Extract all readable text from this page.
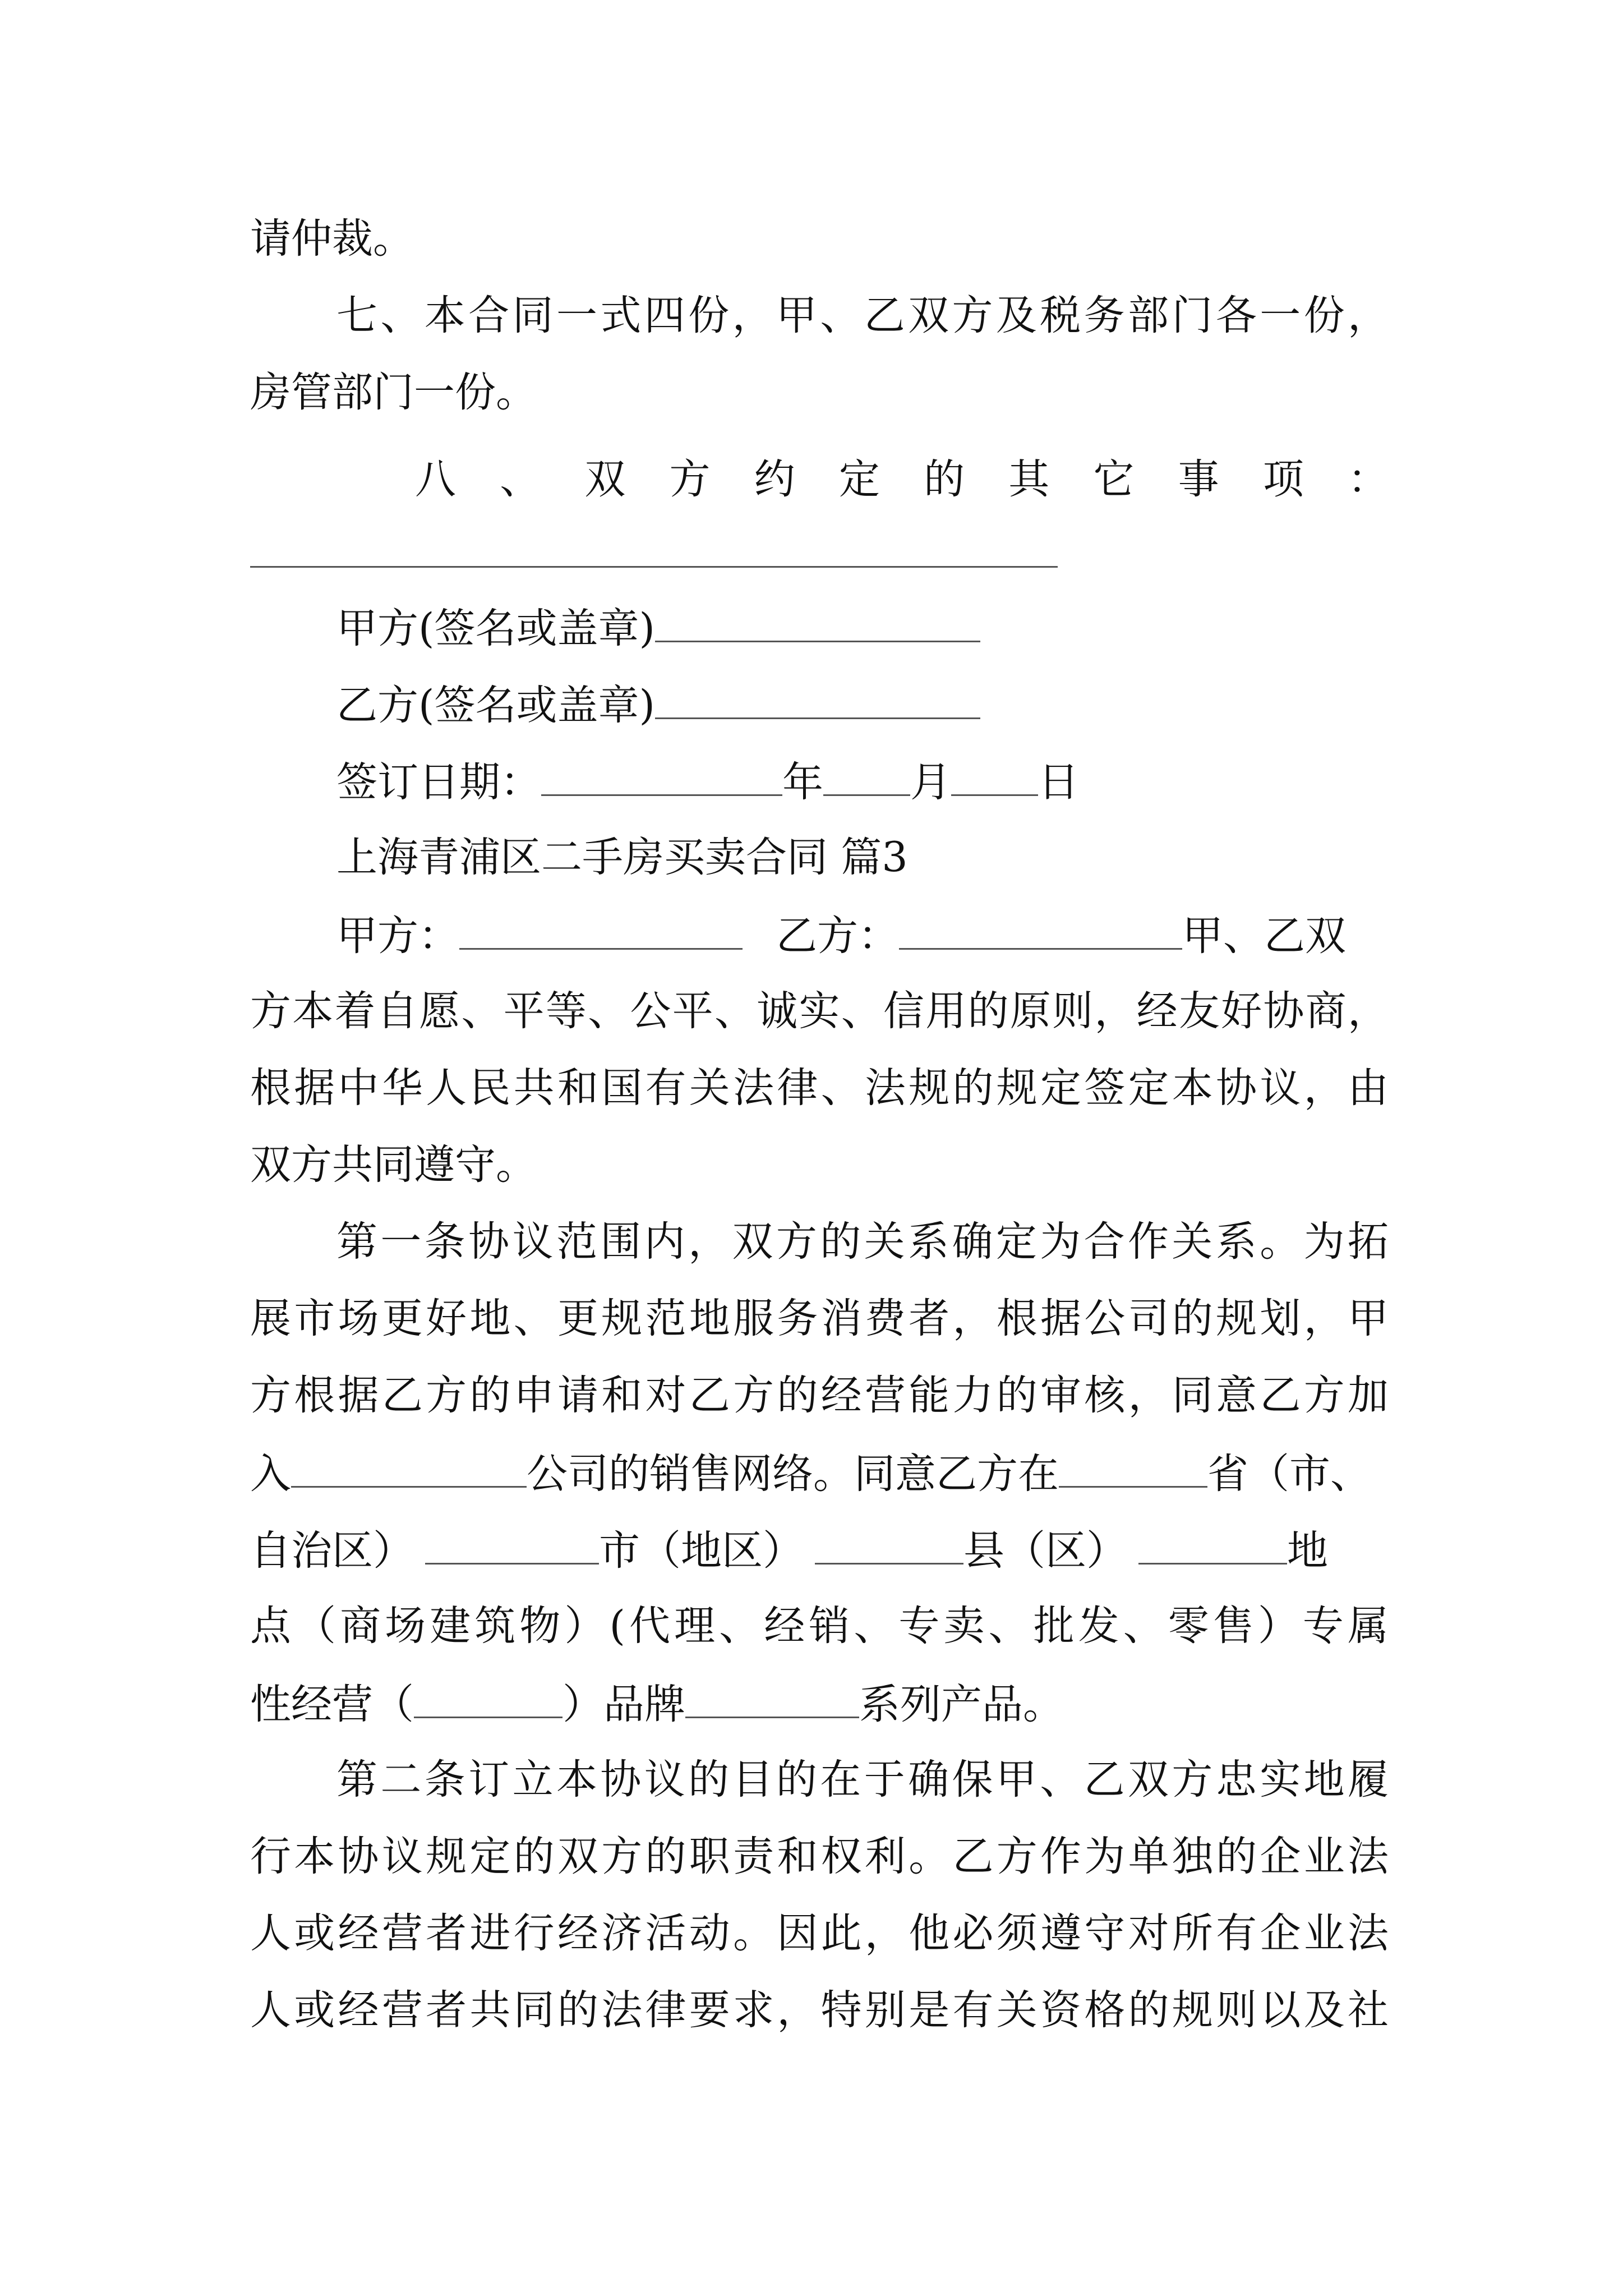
请仲裁。
七、本合同一式四份，甲、乙双方及税务部门各一份，
房管部门一份。
八、双方约定的其它事项：
甲方(签名或盖章)
乙方(签名或盖章)
签订日期：	年 月 日
上海青浦区二手房买卖合同 篇3
甲方：	乙方：	甲、乙双
方本着自愿、平等、公平、诚实、信用的原则，经友好协商，
根据中华人民共和国有关法律、法规的规定签定本协议，由
双方共同遵守。
第一条协议范围内，双方的关系确定为合作关系。为拓
展市场更好地、更规范地服务消费者，根据公司的规划，甲
方根据乙方的申请和对乙方的经营能力的审核，同意乙方加
入	公司的销售网络。同意乙方在	省（市、
自治区）	市（地区）	县（区）	地
点（商场建筑物）(代理、经销、专卖、批发、零售）专属
性经营（	）品牌	系列产品。
第二条订立本协议的目的在于确保甲、乙双方忠实地履
行本协议规定的双方的职责和权利。乙方作为单独的企业法
人或经营者进行经济活动。因此，他必须遵守对所有企业法
人或经营者共同的法律要求，特别是有关资格的规则以及社
